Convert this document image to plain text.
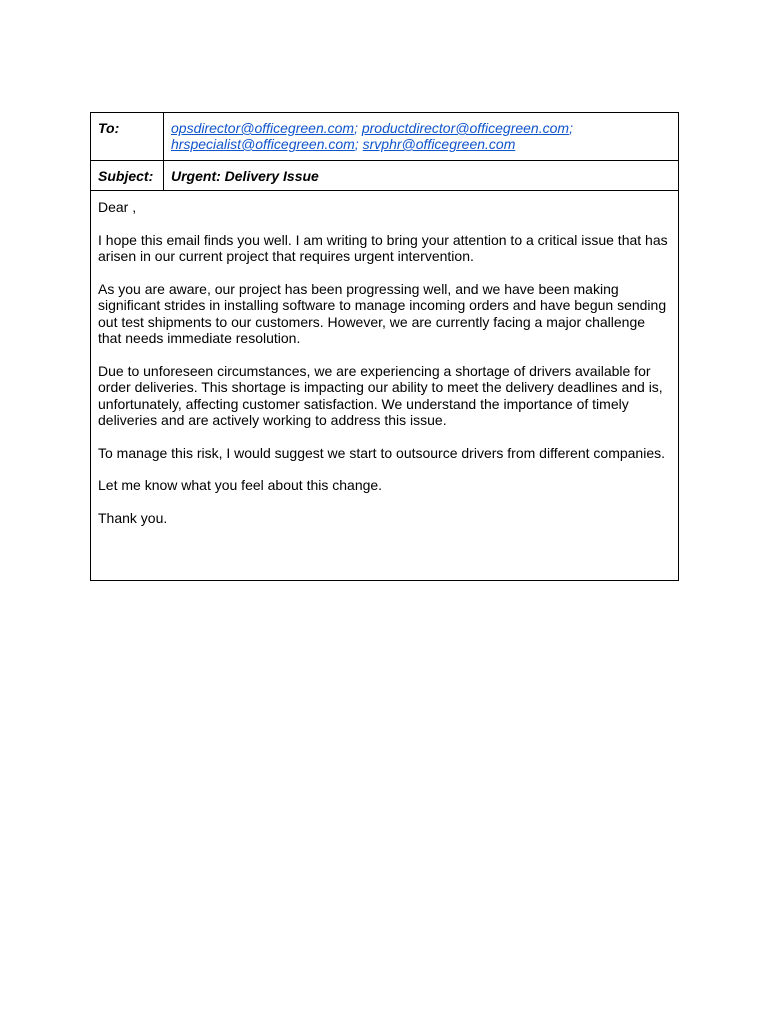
To:	opsdirector@officegreen.com; productdirector@officegreen.com;
hrspecialist@officegreen.com; srvphr@officegreen.com
Subject:	Urgent: Delivery Issue

Dear ,

I hope this email finds you well. I am writing to bring your attention to a critical issue that has arisen in our current project that requires urgent intervention.

As you are aware, our project has been progressing well, and we have been making significant strides in installing software to manage incoming orders and have begun sending out test shipments to our customers. However, we are currently facing a major challenge that needs immediate resolution.

Due to unforeseen circumstances, we are experiencing a shortage of drivers available for order deliveries. This shortage is impacting our ability to meet the delivery deadlines and is, unfortunately, affecting customer satisfaction. We understand the importance of timely deliveries and are actively working to address this issue.

To manage this risk, I would suggest we start to outsource drivers from different companies.

Let me know what you feel about this change.

Thank you.
